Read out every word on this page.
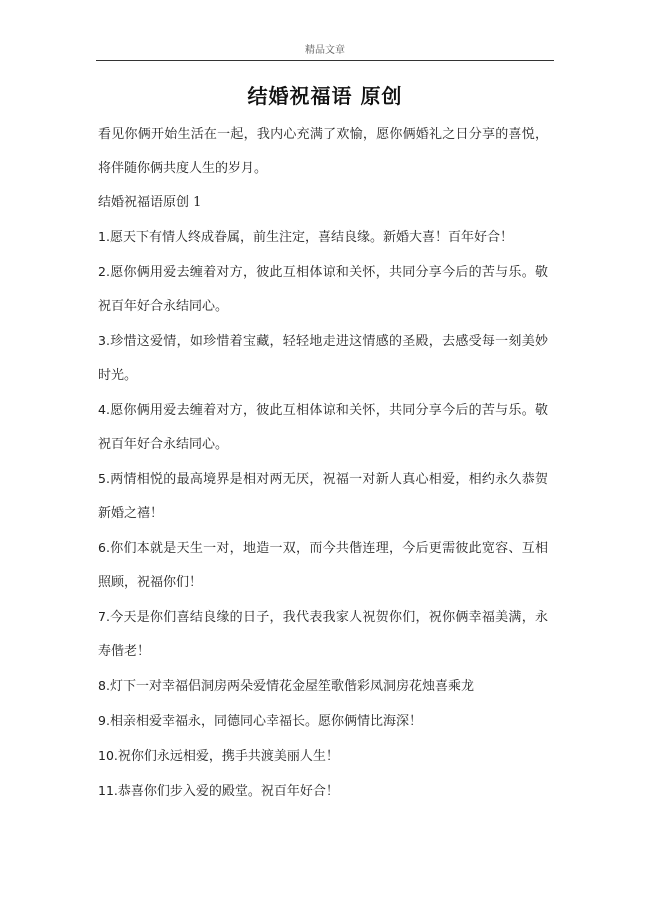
精品文章
结婚祝福语 原创

看见你俩开始生活在一起，我内心充满了欢愉，愿你俩婚礼之日分享的喜悦，将伴随你俩共度人生的岁月。

结婚祝福语原创 1

1.愿天下有情人终成眷属，前生注定，喜结良缘。新婚大喜！百年好合！

2.愿你俩用爱去缠着对方，彼此互相体谅和关怀，共同分享今后的苦与乐。敬祝百年好合永结同心。

3.珍惜这爱情，如珍惜着宝藏，轻轻地走进这情感的圣殿，去感受每一刻美妙时光。

4.愿你俩用爱去缠着对方，彼此互相体谅和关怀，共同分享今后的苦与乐。敬祝百年好合永结同心。

5.两情相悦的最高境界是相对两无厌，祝福一对新人真心相爱，相约永久恭贺新婚之禧！

6.你们本就是天生一对，地造一双，而今共偕连理，今后更需彼此宽容、互相照顾，祝福你们！

7.今天是你们喜结良缘的日子，我代表我家人祝贺你们，祝你俩幸福美满，永寿偕老！

8.灯下一对幸福侣洞房两朵爱情花金屋笙歌偕彩凤洞房花烛喜乘龙

9.相亲相爱幸福永，同德同心幸福长。愿你俩情比海深！

10.祝你们永远相爱，携手共渡美丽人生！

11.恭喜你们步入爱的殿堂。祝百年好合！
